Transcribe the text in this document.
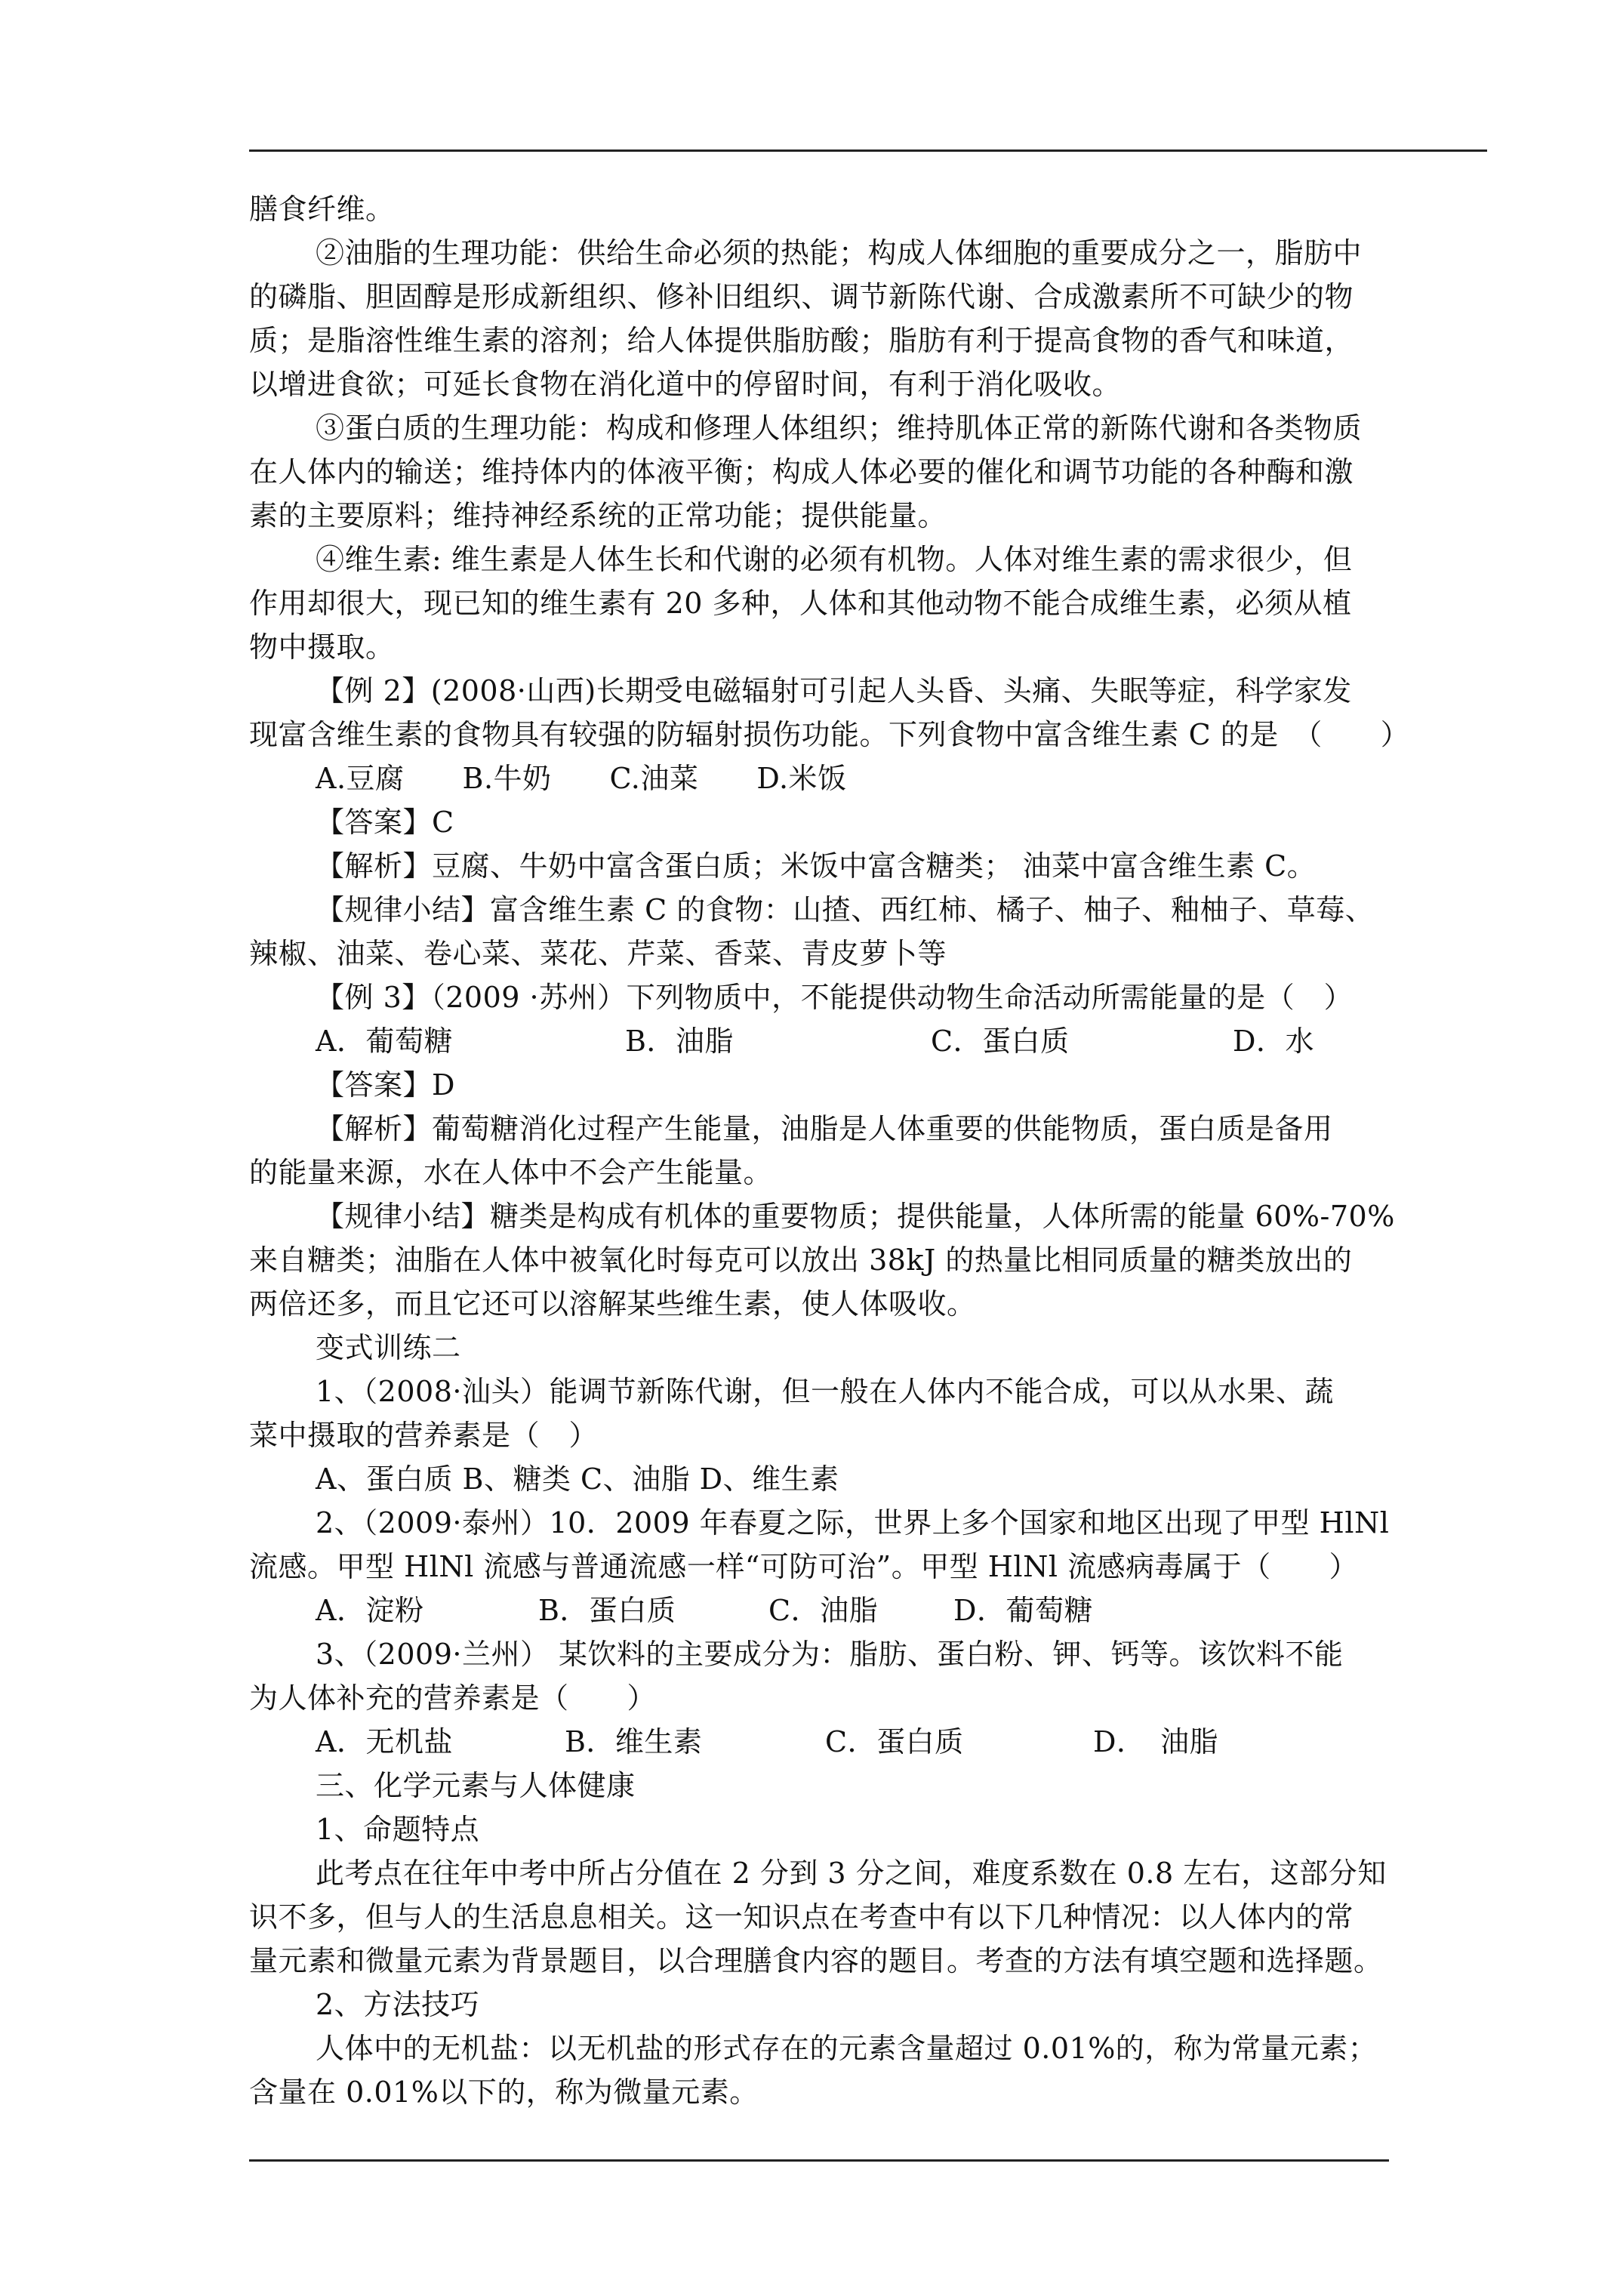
膳食纤维。
②油脂的生理功能：供给生命必须的热能；构成人体细胞的重要成分之一，脂肪中
的磷脂、胆固醇是形成新组织、修补旧组织、调节新陈代谢、合成激素所不可缺少的物
质；是脂溶性维生素的溶剂；给人体提供脂肪酸；脂肪有利于提高食物的香气和味道，
以增进食欲；可延长食物在消化道中的停留时间，有利于消化吸收。
③蛋白质的生理功能：构成和修理人体组织；维持肌体正常的新陈代谢和各类物质
在人体内的输送；维持体内的体液平衡；构成人体必要的催化和调节功能的各种酶和激
素的主要原料；维持神经系统的正常功能；提供能量。
④维生素: 维生素是人体生长和代谢的必须有机物。人体对维生素的需求很少，但
作用却很大，现已知的维生素有 20 多种，人体和其他动物不能合成维生素，必须从植
物中摄取。
【例 2】(2008·山西)长期受电磁辐射可引起人头昏、头痛、失眠等症，科学家发
现富含维生素的食物具有较强的防辐射损伤功能。下列食物中富含维生素 C 的是　（　　）
A.豆腐　　B.牛奶　　C.油菜　　D.米饭
【答案】C
【解析】豆腐、牛奶中富含蛋白质；米饭中富含糖类； 油菜中富含维生素 C。
【规律小结】富含维生素 C 的食物：山揸、西红柿、橘子、柚子、釉柚子、草莓、
辣椒、油菜、卷心菜、菜花、芹菜、香菜、青皮萝卜等
【例 3】（2009 ·苏州）下列物质中，不能提供动物生命活动所需能量的是（　）
A．葡萄糖	B．油脂	C．蛋白质	D．水
【答案】D
【解析】葡萄糖消化过程产生能量，油脂是人体重要的供能物质，蛋白质是备用
的能量来源，水在人体中不会产生能量。
【规律小结】糖类是构成有机体的重要物质；提供能量，人体所需的能量 60%-70%
来自糖类；油脂在人体中被氧化时每克可以放出 38kJ 的热量比相同质量的糖类放出的
两倍还多，而且它还可以溶解某些维生素，使人体吸收。
变式训练二
1、（2008·汕头）能调节新陈代谢，但一般在人体内不能合成，可以从水果、蔬
菜中摄取的营养素是（　）
A、蛋白质 B、糖类 C、油脂 D、维生素
2、（2009·泰州）10．2009 年春夏之际，世界上多个国家和地区出现了甲型 HlNl
流感。甲型 HlNl 流感与普通流感一样“可防可治”。甲型 HlNl 流感病毒属于（　　）
A．淀粉	B．蛋白质	C．油脂	D．葡萄糖
3、（2009·兰州） 某饮料的主要成分为：脂肪、蛋白粉、钾、钙等。该饮料不能
为人体补充的营养素是（　　）
A．无机盐	B．维生素	C．蛋白质	D．　油脂
三、化学元素与人体健康
1、命题特点
此考点在往年中考中所占分值在 2 分到 3 分之间，难度系数在 0.8 左右，这部分知
识不多，但与人的生活息息相关。这一知识点在考查中有以下几种情况：以人体内的常
量元素和微量元素为背景题目，以合理膳食内容的题目。考查的方法有填空题和选择题。
2、方法技巧
人体中的无机盐：以无机盐的形式存在的元素含量超过 0.01%的，称为常量元素；
含量在 0.01%以下的，称为微量元素。
